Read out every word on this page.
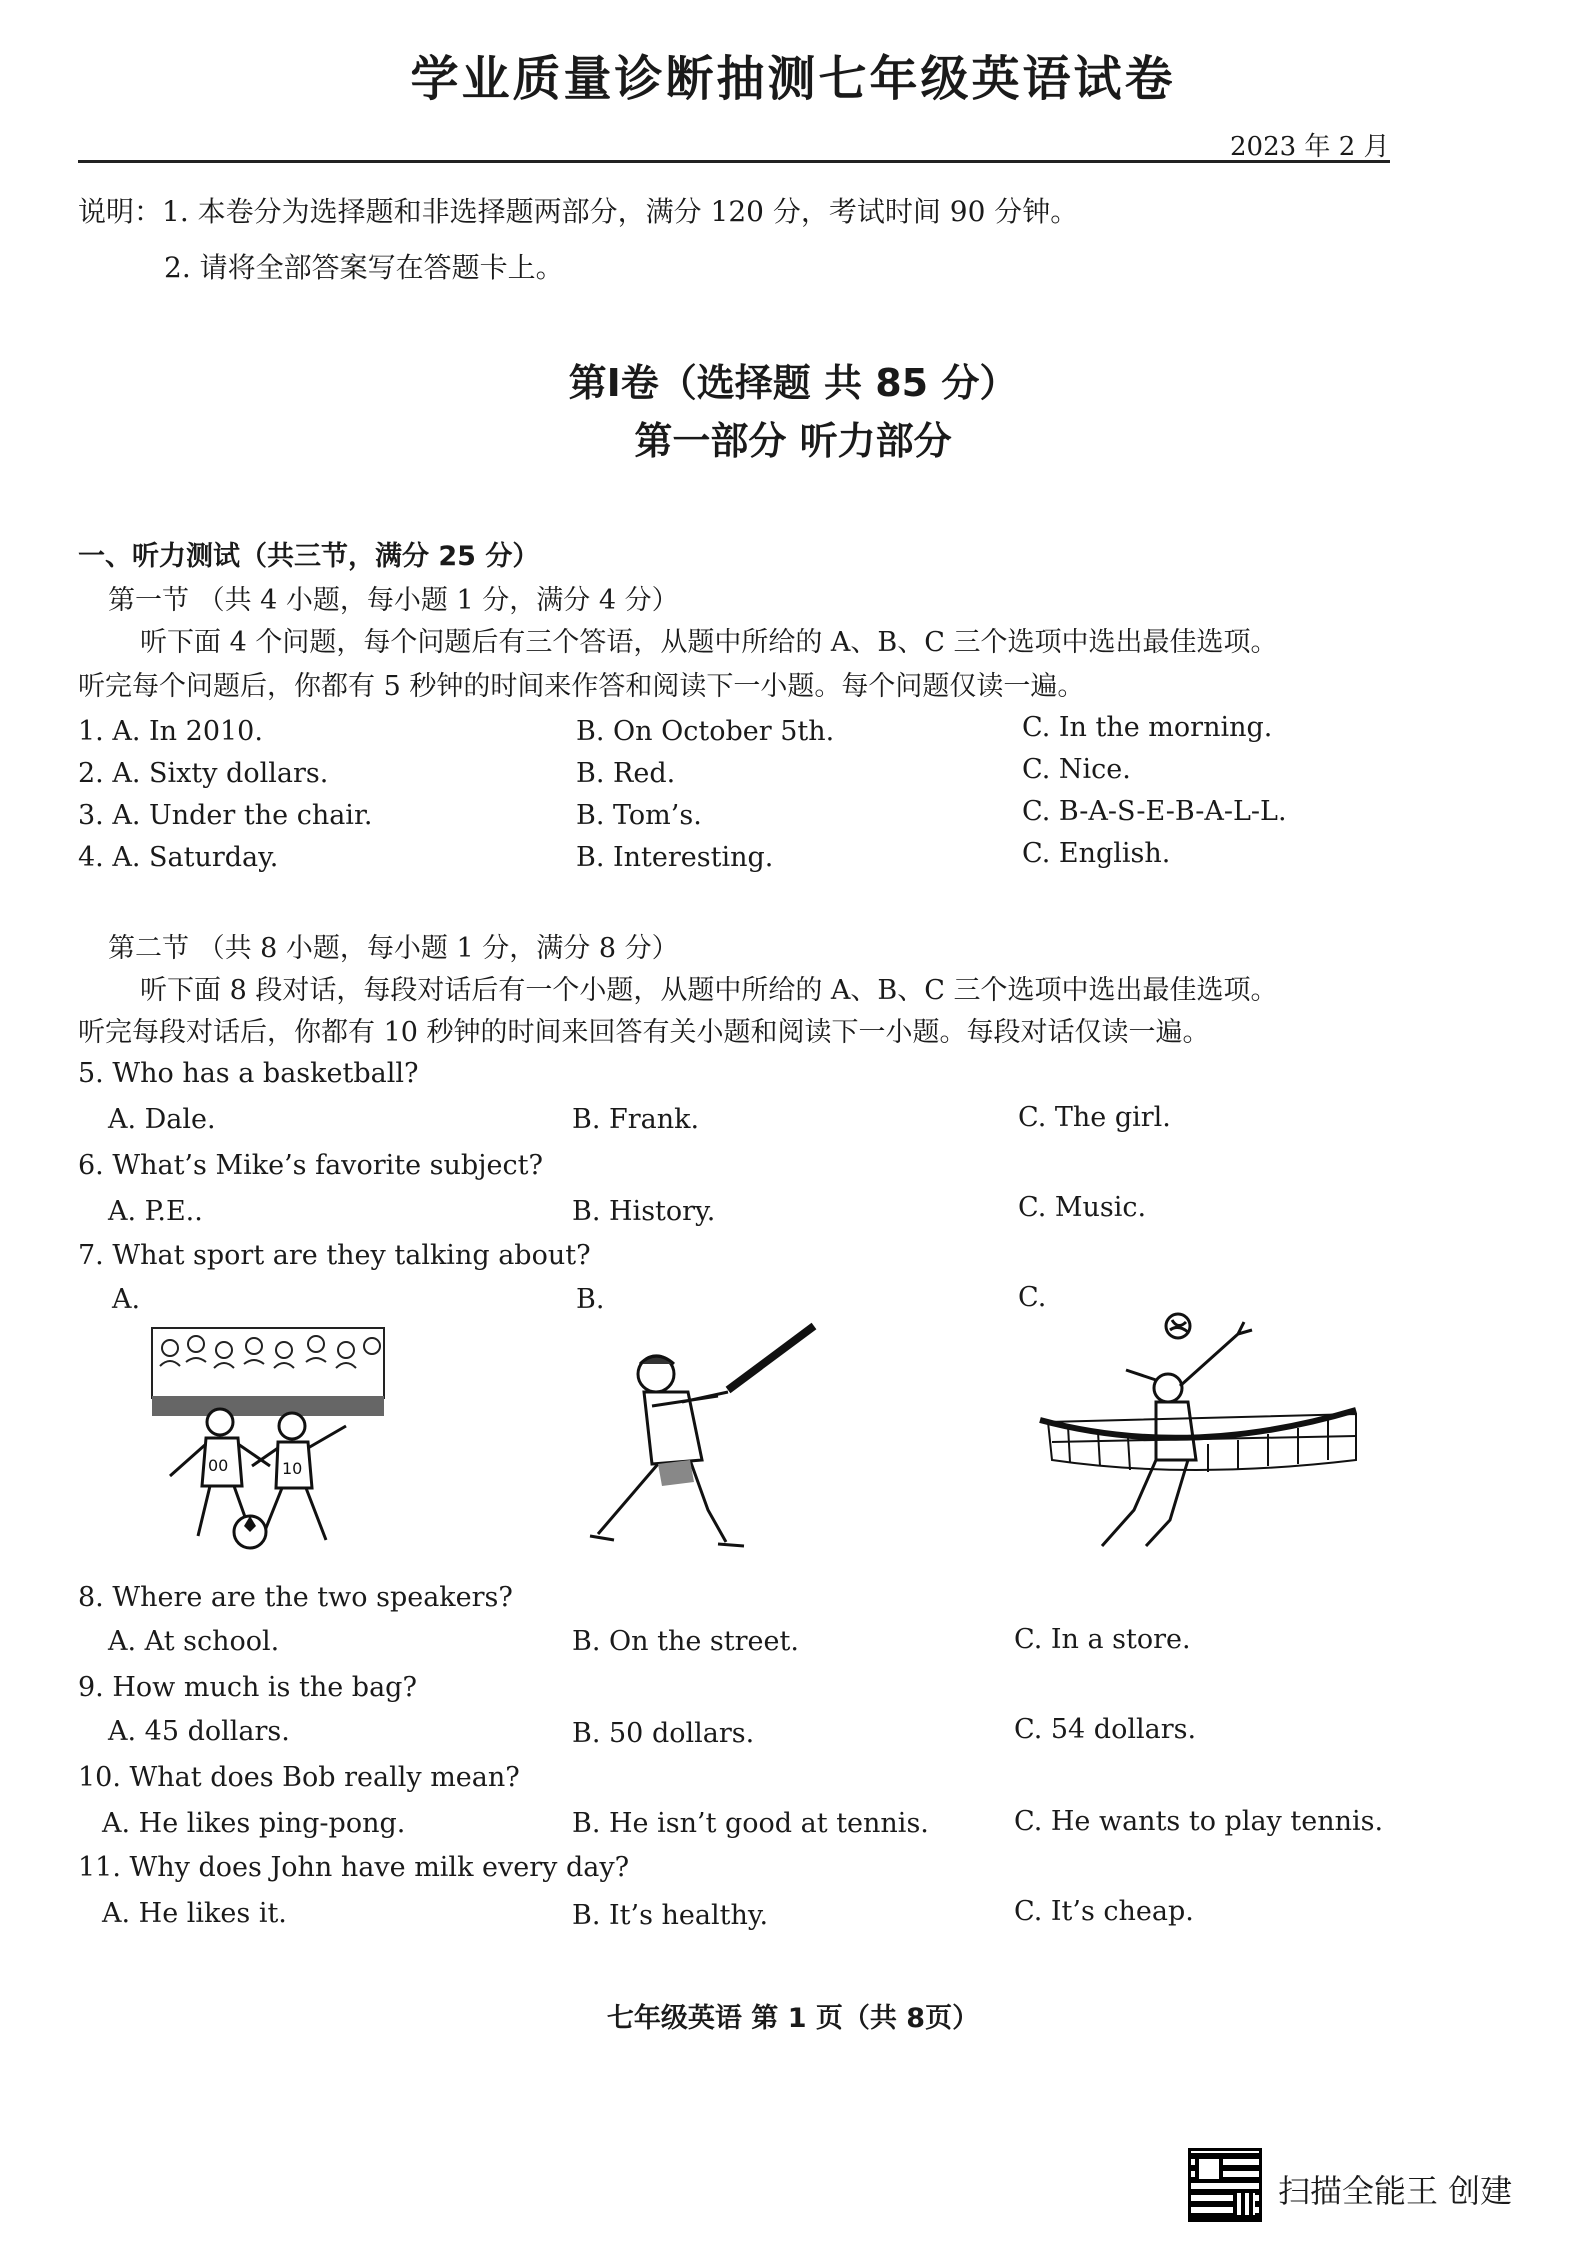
学业质量诊断抽测七年级英语试卷
2023 年 2 月
说明：1. 本卷分为选择题和非选择题两部分，满分 120 分，考试时间 90 分钟。
2. 请将全部答案写在答题卡上。
第Ⅰ卷（选择题 共 85 分）
第一部分 听力部分
一、听力测试（共三节，满分 25 分）
第一节 （共 4 小题，每小题 1 分，满分 4 分）
听下面 4 个问题，每个问题后有三个答语，从题中所给的 A、B、C 三个选项中选出最佳选项。
听完每个问题后，你都有 5 秒钟的时间来作答和阅读下一小题。每个问题仅读一遍。
1. A. In 2010.	B. On October 5th.	C. In the morning.
2. A. Sixty dollars.	B. Red.	C. Nice.
3. A. Under the chair.	B. Tom’s.	C. B-A-S-E-B-A-L-L.
4. A. Saturday.	B. Interesting.	C. English.
第二节 （共 8 小题，每小题 1 分，满分 8 分）
听下面 8 段对话，每段对话后有一个小题，从题中所给的 A、B、C 三个选项中选出最佳选项。
听完每段对话后，你都有 10 秒钟的时间来回答有关小题和阅读下一小题。每段对话仅读一遍。
5. Who has a basketball?
A. Dale.	B. Frank.	C. The girl.
6. What’s Mike’s favorite subject?
A. P.E..	B. History.	C. Music.
7. What sport are they talking about?
A.	B.	C.
00	10
8. Where are the two speakers?
A. At school.	B. On the street.	C. In a store.
9. How much is the bag?
A. 45 dollars.	B. 50 dollars.	C. 54 dollars.
10. What does Bob really mean?
A. He likes ping-pong.	B. He isn’t good at tennis.	C. He wants to play tennis.
11. Why does John have milk every day?
A. He likes it.	B. It’s healthy.	C. It’s cheap.
七年级英语 第 1 页（共 8页）
扫描全能王 创建
